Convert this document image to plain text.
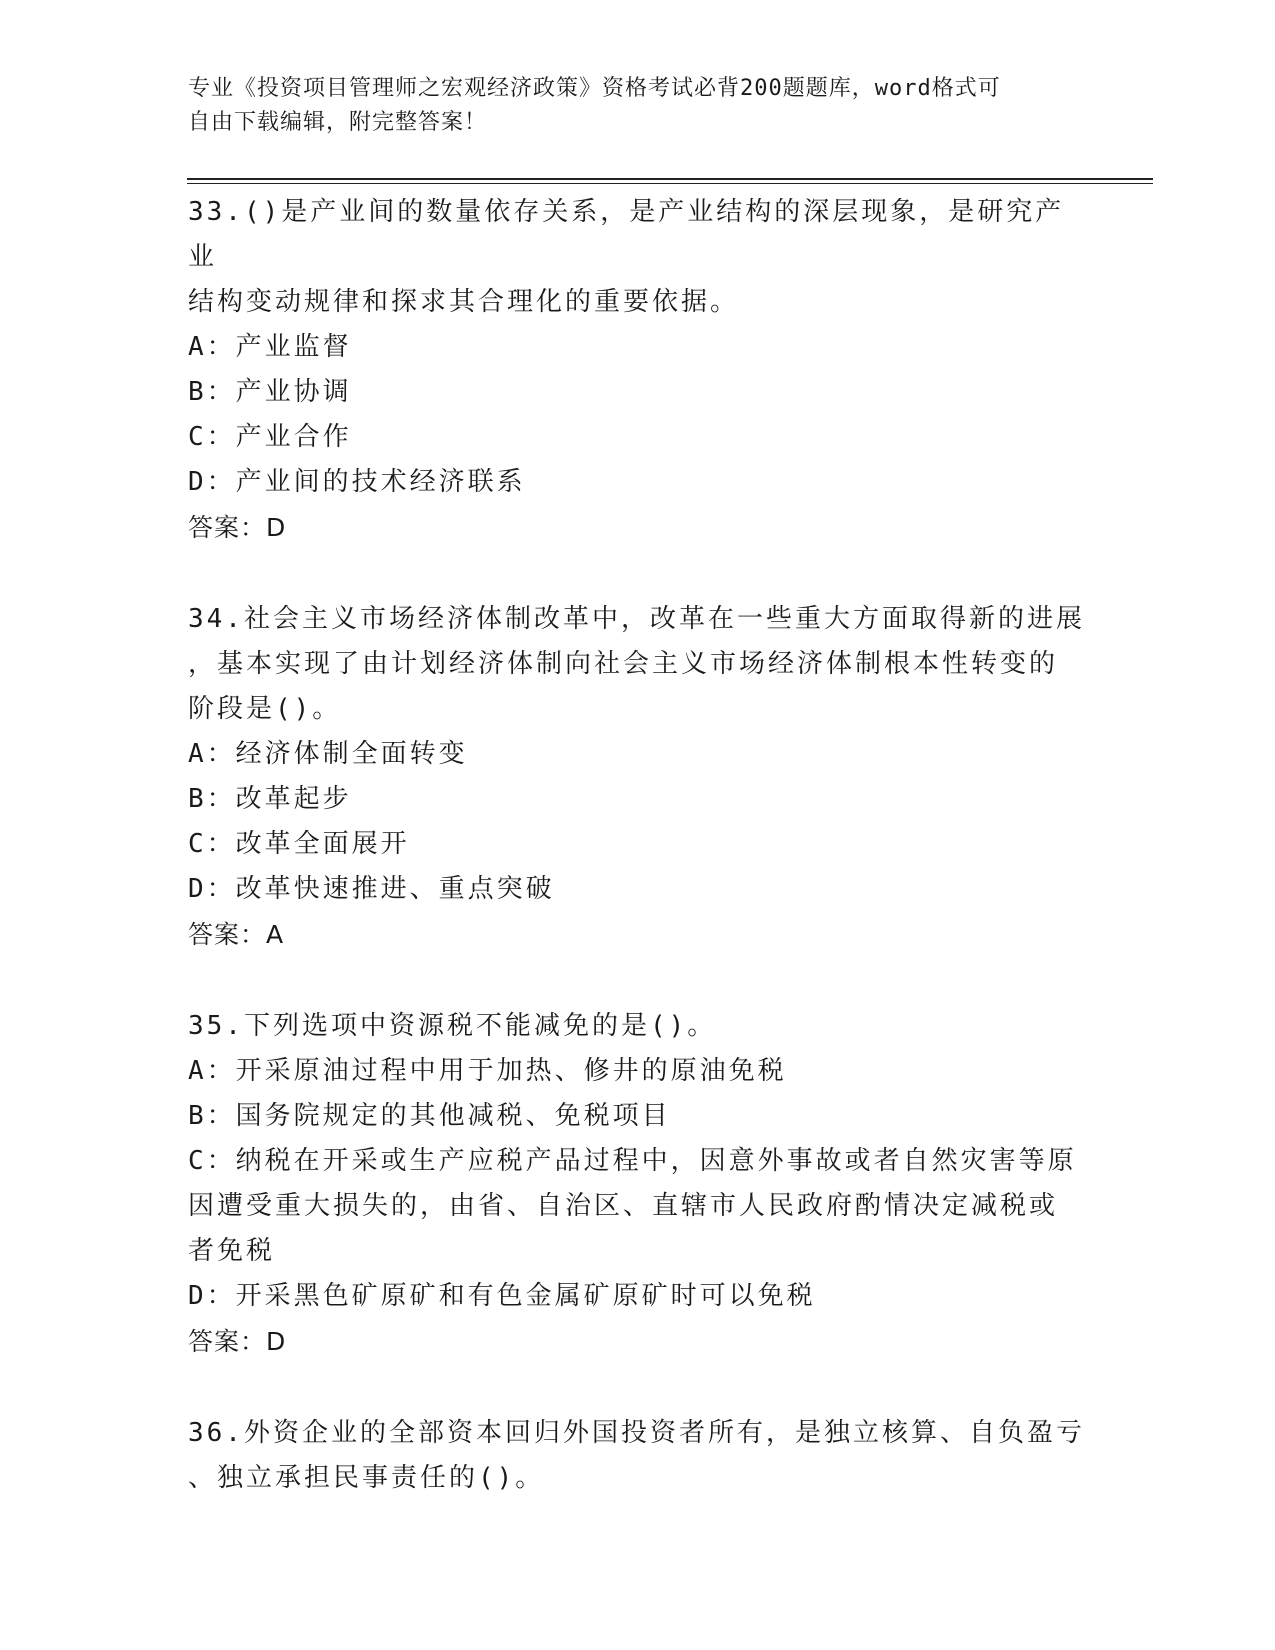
专业《投资项目管理师之宏观经济政策》资格考试必背200题题库，word格式可
自由下载编辑，附完整答案！

33.()是产业间的数量依存关系，是产业结构的深层现象，是研究产业

结构变动规律和探求其合理化的重要依据。

A：产业监督

B：产业协调

C：产业合作

D：产业间的技术经济联系

答案：D

34.社会主义市场经济体制改革中，改革在一些重大方面取得新的进展

，基本实现了由计划经济体制向社会主义市场经济体制根本性转变的

阶段是()。

A：经济体制全面转变

B：改革起步

C：改革全面展开

D：改革快速推进、重点突破

答案：A

35.下列选项中资源税不能减免的是()。

A：开采原油过程中用于加热、修井的原油免税

B：国务院规定的其他减税、免税项目

C：纳税在开采或生产应税产品过程中，因意外事故或者自然灾害等原

因遭受重大损失的，由省、自治区、直辖市人民政府酌情决定减税或

者免税

D：开采黑色矿原矿和有色金属矿原矿时可以免税

答案：D

36.外资企业的全部资本回归外国投资者所有，是独立核算、自负盈亏

、独立承担民事责任的()。
